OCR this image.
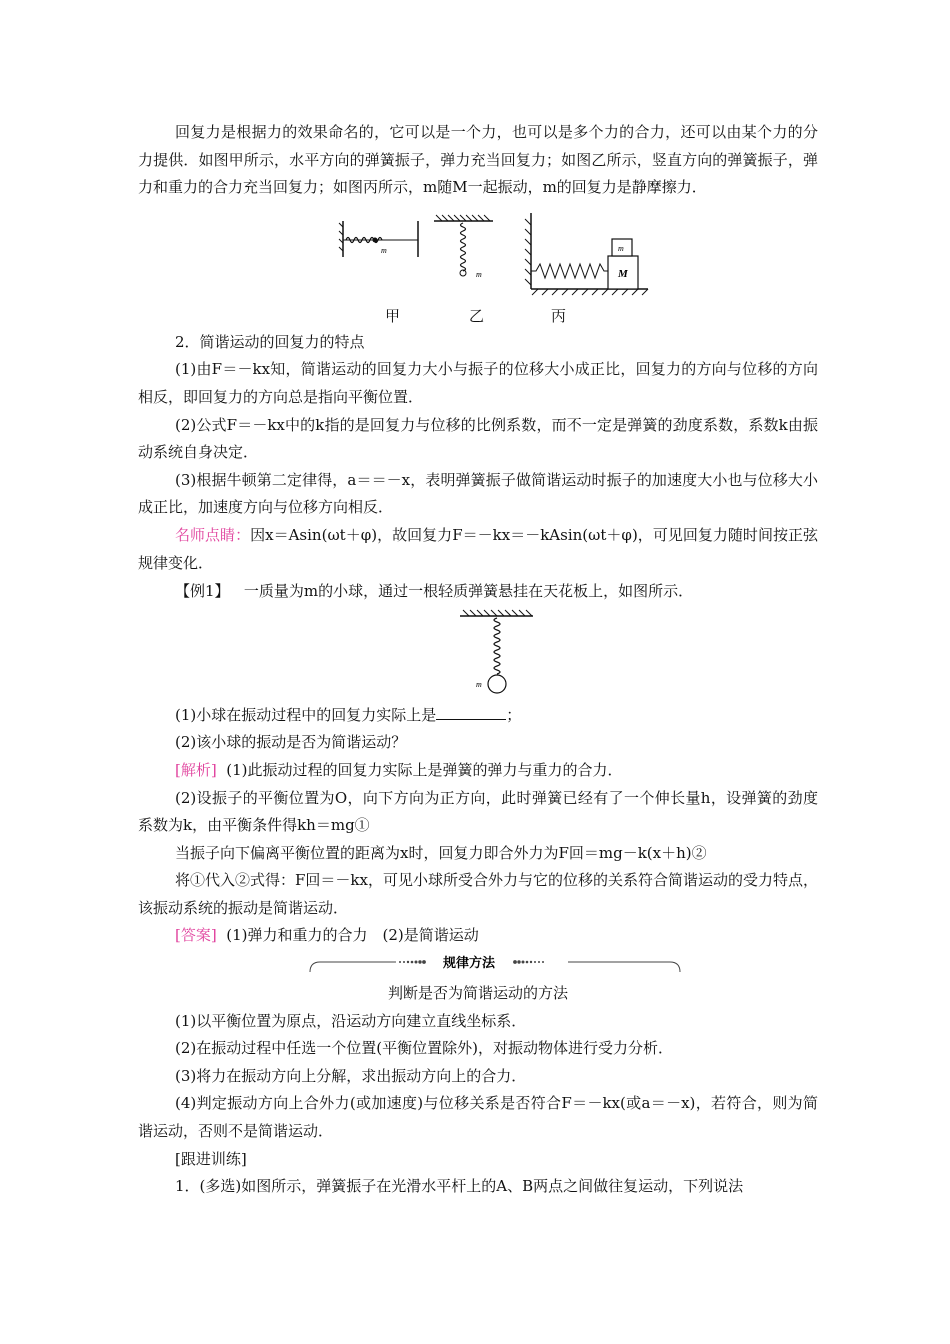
回复力是根据力的效果命名的，它可以是一个力，也可以是多个力的合力，还可以由某个力的分力提供．如图甲所示，水平方向的弹簧振子，弹力充当回复力；如图乙所示，竖直方向的弹簧振子，弹力和重力的合力充当回复力；如图丙所示，m随M一起振动，m的回复力是静摩擦力．

m
m
m
M
甲	乙	丙

2．简谐运动的回复力的特点

(1)由F＝－kx知，简谐运动的回复力大小与振子的位移大小成正比，回复力的方向与位移的方向相反，即回复力的方向总是指向平衡位置．

(2)公式F＝－kx中的k指的是回复力与位移的比例系数，而不一定是弹簧的劲度系数，系数k由振动系统自身决定．

(3)根据牛顿第二定律得，a＝＝－x，表明弹簧振子做简谐运动时振子的加速度大小也与位移大小成正比，加速度方向与位移方向相反．

名师点睛：因x＝Asin(ωt＋φ)，故回复力F＝－kx＝－kAsin(ωt＋φ)，可见回复力随时间按正弦规律变化．

【例1】 一质量为m的小球，通过一根轻质弹簧悬挂在天花板上，如图所示．

m

(1)小球在振动过程中的回复力实际上是	；

(2)该小球的振动是否为简谐运动？

[解析] (1)此振动过程的回复力实际上是弹簧的弹力与重力的合力．

(2)设振子的平衡位置为O，向下方向为正方向，此时弹簧已经有了一个伸长量h，设弹簧的劲度系数为k，由平衡条件得kh＝mg①

当振子向下偏离平衡位置的距离为x时，回复力即合外力为F回＝mg－k(x＋h)②

将①代入②式得：F回＝－kx，可见小球所受合外力与它的位移的关系符合简谐运动的受力特点，该振动系统的振动是简谐运动．

[答案] (1)弹力和重力的合力　(2)是简谐运动

规律方法

判断是否为简谐运动的方法

(1)以平衡位置为原点，沿运动方向建立直线坐标系．

(2)在振动过程中任选一个位置(平衡位置除外)，对振动物体进行受力分析．

(3)将力在振动方向上分解，求出振动方向上的合力．

(4)判定振动方向上合外力(或加速度)与位移关系是否符合F＝－kx(或a＝－x)，若符合，则为简谐运动，否则不是简谐运动．

[跟进训练]

1．(多选)如图所示，弹簧振子在光滑水平杆上的A、B两点之间做往复运动，下列说法
